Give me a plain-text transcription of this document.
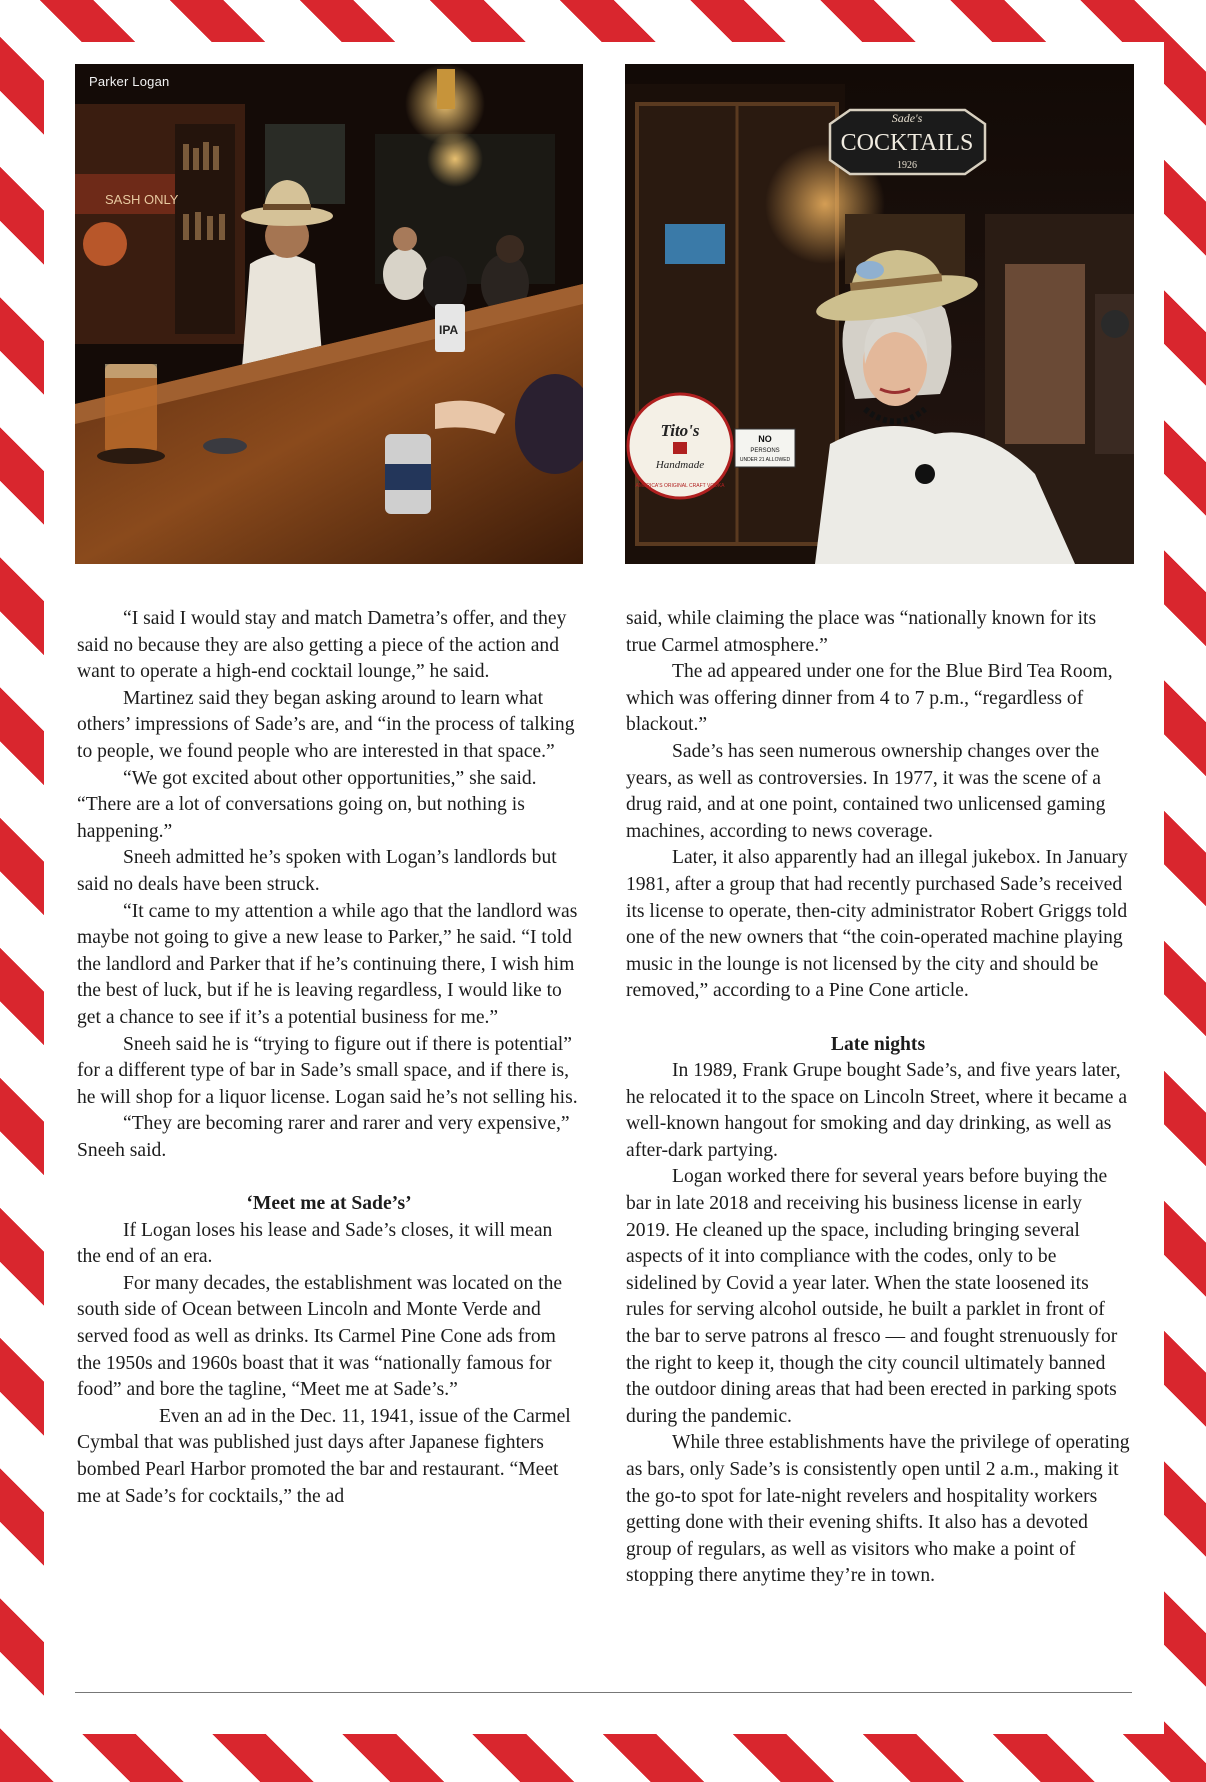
SASH ONLY
IPA
Parker Logan
Sade's
COCKTAILS
1926
Tito's
Handmade
AMERICA'S ORIGINAL CRAFT VODKA
NO
PERSONS
UNDER 21 ALLOWED

“I said I would stay and match Dametra’s offer, and they said no because they are also getting a piece of the action and want to operate a high-end cocktail lounge,” he said.

Martinez said they began asking around to learn what others’ impressions of Sade’s are, and “in the process of talking to people, we found people who are interested in that space.”

“We got excited about other opportunities,” she said. “There are a lot of conversations going on, but nothing is happening.”

Sneeh admitted he’s spoken with Logan’s landlords but said no deals have been struck.

“It came to my attention a while ago that the landlord was maybe not going to give a new lease to Parker,” he said. “I told the landlord and Parker that if he’s continuing there, I wish him the best of luck, but if he is leaving regardless, I would like to get a chance to see if it’s a potential business for me.”

Sneeh said he is “trying to figure out if there is potential” for a different type of bar in Sade’s small space, and if there is, he will shop for a liquor license. Logan said he’s not selling his.

“They are becoming rarer and rarer and very expensive,” Sneeh said.

‘Meet me at Sade’s’

If Logan loses his lease and Sade’s closes, it will mean the end of an era.

For many decades, the establishment was located on the south side of Ocean between Lincoln and Monte Verde and served food as well as drinks. Its Carmel Pine Cone ads from the 1950s and 1960s boast that it was “nationally famous for food” and bore the tagline, “Meet me at Sade’s.”

Even an ad in the Dec. 11, 1941, issue of the Carmel Cymbal that was published just days after Japanese fighters bombed Pearl Harbor promoted the bar and restaurant. “Meet me at Sade’s for cocktails,” the ad

said, while claiming the place was “nationally known for its true Carmel atmosphere.”

The ad appeared under one for the Blue Bird Tea Room, which was offering dinner from 4 to 7 p.m., “regardless of blackout.”

Sade’s has seen numerous ownership changes over the years, as well as controversies. In 1977, it was the scene of a drug raid, and at one point, contained two unlicensed gaming machines, according to news coverage.

Later, it also apparently had an illegal jukebox. In January 1981, after a group that had recently purchased Sade’s received its license to operate, then-city administrator Robert Griggs told one of the new owners that “the coin-operated machine playing music in the lounge is not licensed by the city and should be removed,” according to a Pine Cone article.

Late nights

In 1989, Frank Grupe bought Sade’s, and five years later, he relocated it to the space on Lincoln Street, where it became a well-known hangout for smoking and day drinking, as well as after-dark partying.

Logan worked there for several years before buying the bar in late 2018 and receiving his business license in early 2019. He cleaned up the space, including bringing several aspects of it into compliance with the codes, only to be sidelined by Covid a year later. When the state loosened its rules for serving alcohol outside, he built a parklet in front of the bar to serve patrons al fresco — and fought strenuously for the right to keep it, though the city council ultimately banned the outdoor dining areas that had been erected in parking spots during the pandemic.

While three establishments have the privilege of operating as bars, only Sade’s is consistently open until 2 a.m., making it the go-to spot for late-night revelers and hospitality workers getting done with their evening shifts. It also has a devoted group of regulars, as well as visitors who make a point of stopping there anytime they’re in town.
